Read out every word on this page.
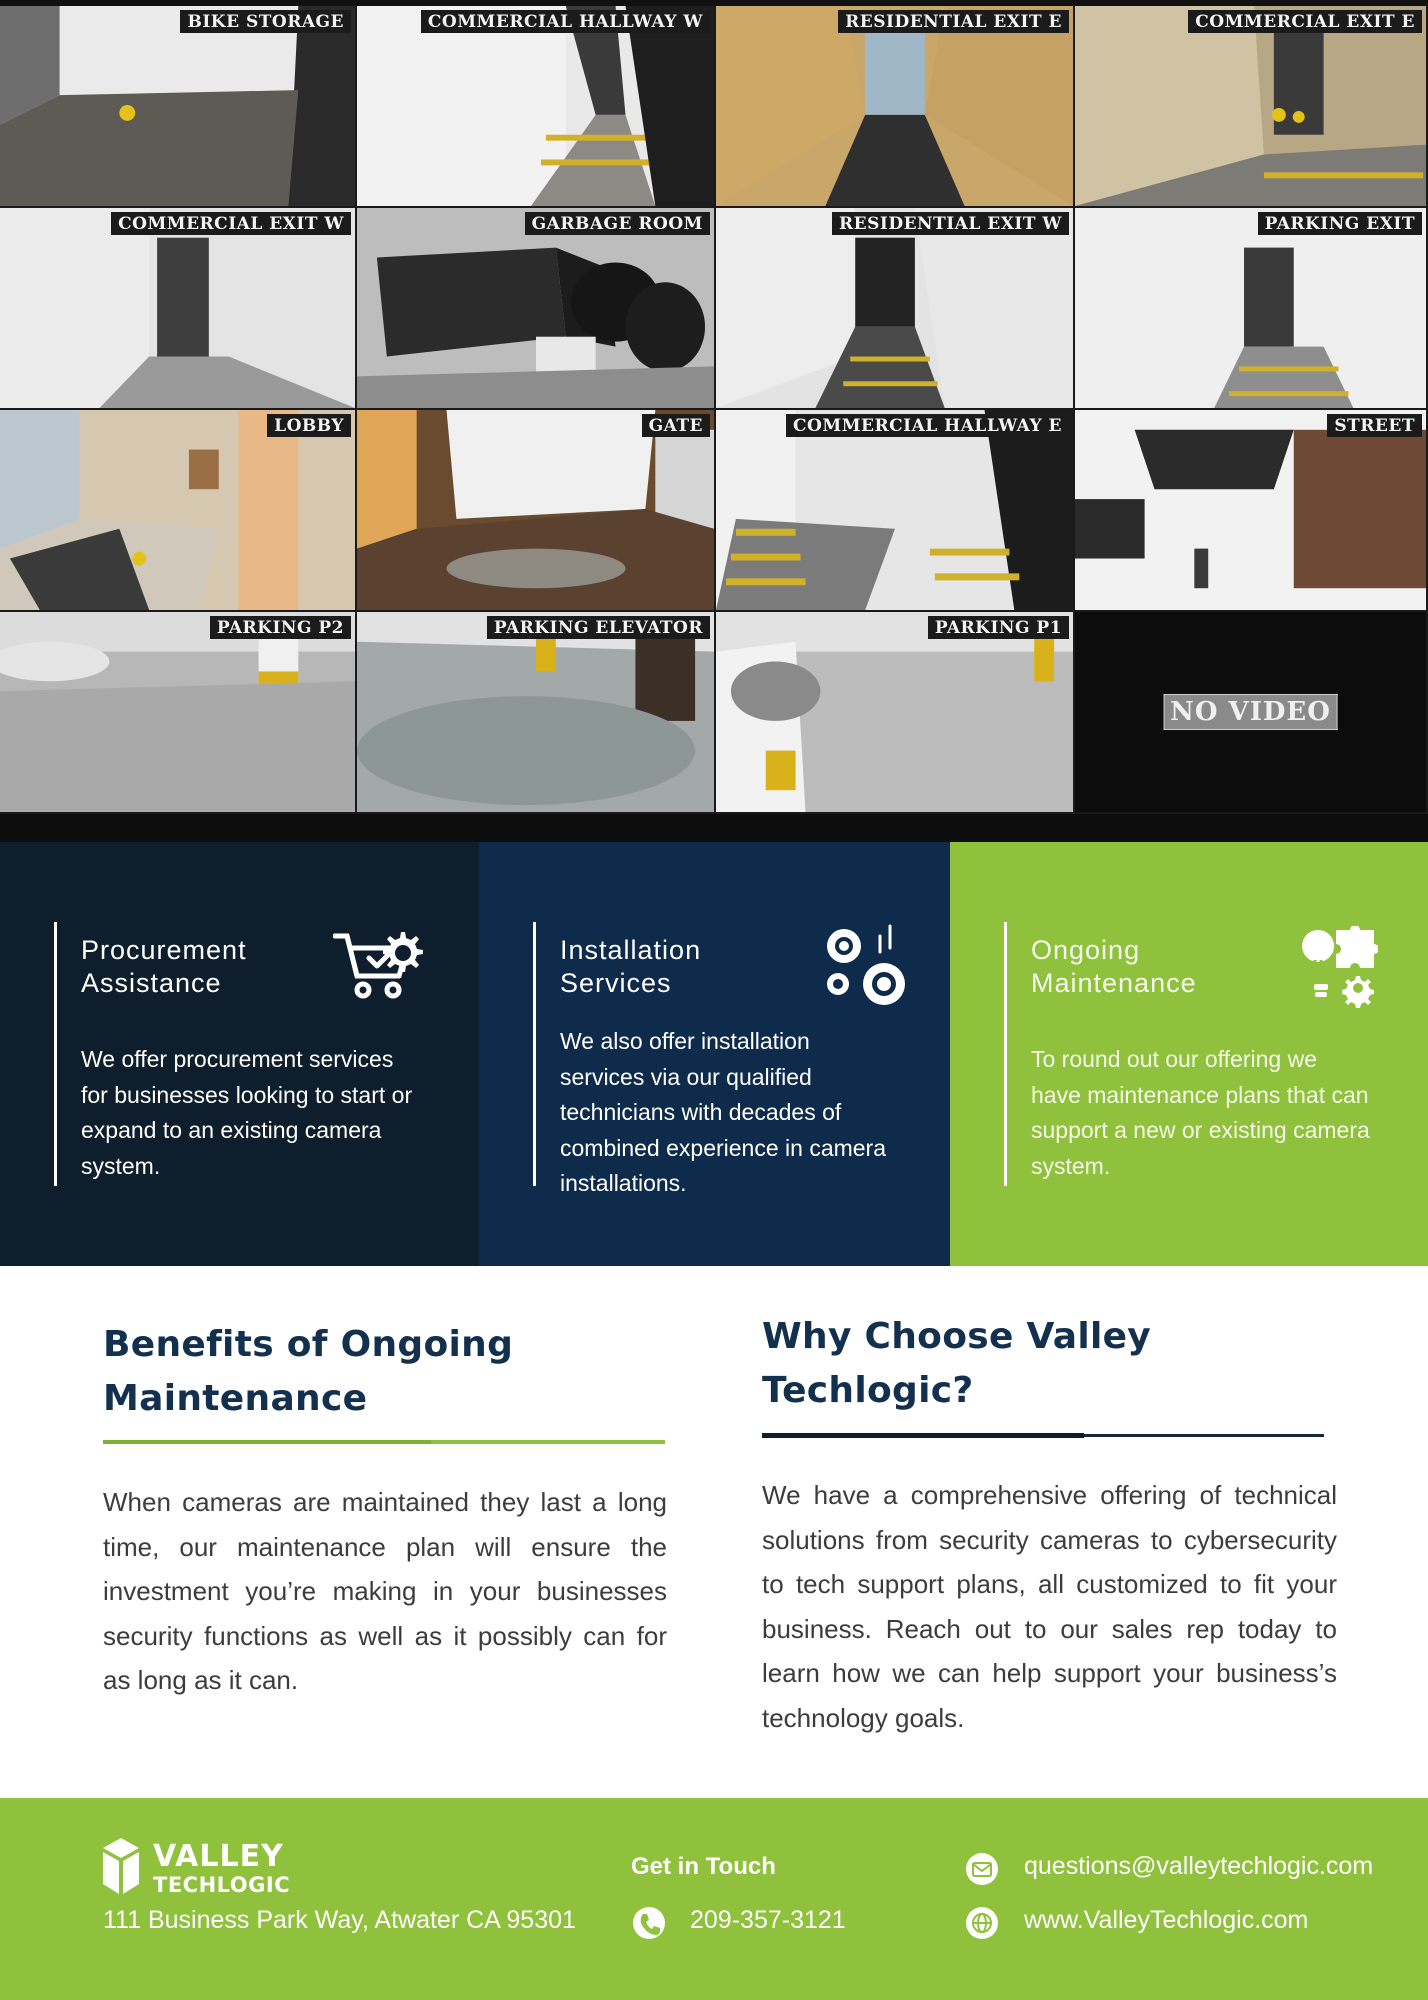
BIKE STORAGE	COMMERCIAL HALLWAY W	RESIDENTIAL EXIT E	COMMERCIAL EXIT E
COMMERCIAL EXIT W	GARBAGE ROOM	RESIDENTIAL EXIT W	PARKING EXIT
LOBBY	GATE	COMMERCIAL HALLWAY E	STREET
PARKING P2	PARKING ELEVATOR	PARKING P1
NO VIDEO
Procurement Assistance
We offer procurement services for businesses looking to start or expand to an existing camera system.
Installation Services
We also offer installation services via our qualified technicians with decades of combined experience in camera installations.
Ongoing Maintenance
To round out our offering we have maintenance plans that can support a new or existing camera system.
Benefits of Ongoing Maintenance

When cameras are maintained they last a long time, our maintenance plan will ensure the investment you’re making in your businesses security functions as well as it possibly can for as long as it can.

Why Choose Valley Techlogic?

We have a comprehensive offering of technical solutions from security cameras to cybersecurity to tech support plans, all customized to fit your business. Reach out to our sales rep today to learn how we can help support your business’s technology goals.

VALLEY
TECHLOGIC
111 Business Park Way, Atwater CA 95301
Get in Touch
209-357-3121
questions@valleytechlogic.com
www.ValleyTechlogic.com
